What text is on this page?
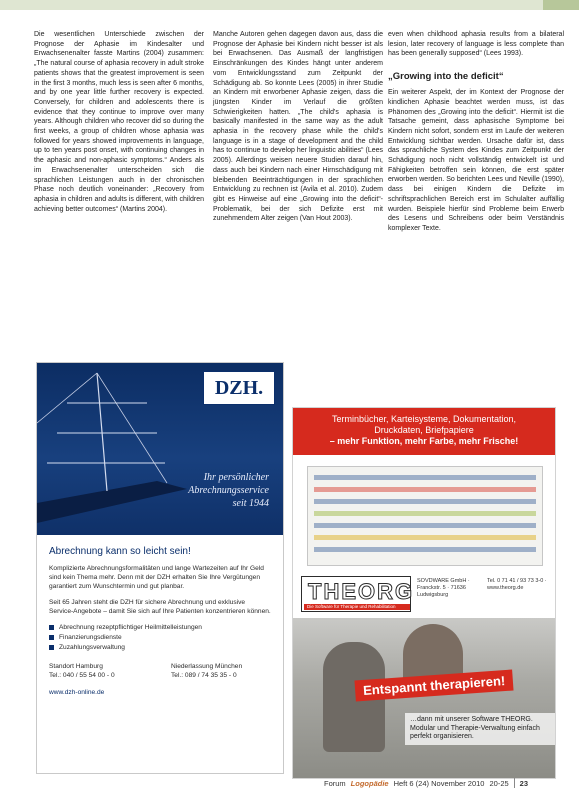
Die wesentlichen Unterschiede zwischen der Prognose der Aphasie im Kindesalter und Erwachsenenalter fasste Martins (2004) zusammen: „The natural course of aphasia recovery in adult stroke patients shows that the greatest improvement is seen in the first 3 months, much less is seen after 6 months, and by one year little further recovery is expected. Conversely, for children and adolescents there is evidence that they continue to improve over many years. Although children who recover did so during the first weeks, a group of children whose aphasia was followed for years showed improvements in language, up to ten years post onset, with continuing changes in the aphasic and non-aphasic symptoms.“ Anders als im Erwachsenenalter unterscheiden sich die sprachlichen Leistungen auch in der chronischen Phase noch deutlich voneinander: „Recovery from aphasia in children and adults is different, with children achieving better outcomes“ (Martins 2004).

Manche Autoren gehen dagegen davon aus, dass die Prognose der Aphasie bei Kindern nicht besser ist als bei Erwachsenen. Das Ausmaß der langfristigen Einschränkungen des Kindes hängt unter anderem vom Entwicklungsstand zum Zeitpunkt der Schädigung ab. So konnte Lees (2005) in ihrer Studie an Kindern mit erworbener Aphasie zeigen, dass die jüngsten Kinder im Verlauf die größten Schwierigkeiten hatten. „The child's aphasia is basically manifested in the same way as the adult aphasia in the recovery phase while the child's language is in a stage of development and the child has to continue to develop her linguistic abilities“ (Lees 2005). Allerdings weisen neuere Studien darauf hin, dass auch bei Kindern nach einer Hirnschädigung mit bleibenden Beeinträchtigungen in der sprachlichen Entwicklung zu rechnen ist (Avila et al. 2010). Zudem gibt es Hinweise auf eine „Growing into the deficit“-Problematik, bei der sich Defizite erst mit zunehmendem Alter zeigen (Van Hout 2003).

even when childhood aphasia results from a bilateral lesion, later recovery of language is less complete than has been generally supposed“ (Lees 1993).

„Growing into the deficit“

Ein weiterer Aspekt, der im Kontext der Prognose der kindlichen Aphasie beachtet werden muss, ist das Phänomen des „Growing into the deficit“. Hiermit ist die Tatsache gemeint, dass aphasische Symptome bei Kindern nicht sofort, sondern erst im Laufe der weiteren Entwicklung sichtbar werden. Ursache dafür ist, dass das sprachliche System des Kindes zum Zeitpunkt der Schädigung noch nicht vollständig entwickelt ist und Fähigkeiten betroffen sein können, die erst später erworben werden. So berichten Lees und Neville (1990), dass bei einigen Kindern die Defizite im schriftsprachlichen Bereich erst im Schulalter auffällig wurden. Beispiele hierfür sind Probleme beim Erwerb des Lesens und Schreibens oder beim Verständnis komplexer Texte.

DZH.
Ihr persönlicher Abrechnungsservice
seit 1944
Abrechnung kann so leicht sein!

Komplizierte Abrechnungsformalitäten und lange Wartezeiten auf Ihr Geld sind kein Thema mehr. Denn mit der DZH erhalten Sie Ihre Vergütungen garantiert zum Wunschtermin und gut planbar.

Seit 65 Jahren steht die DZH für sichere Abrechnung und exklusive Service-Angebote – damit Sie sich auf Ihre Patienten konzentrieren können.

Abrechnung rezeptpflichtiger Heilmittelleistungen
Finanzierungsdienste
Zuzahlungsverwaltung
Standort Hamburg
Tel.: 040 / 55 54 00 - 0
Niederlassung München
Tel.: 089 / 74 35 35 - 0
www.dzh-online.de
Terminbücher, Karteisysteme, Dokumentation,
Druckdaten, Briefpapiere
– mehr Funktion, mehr Farbe, mehr Frische!
THEORG
Die Software für Therapie und Rehabilitation
SOVDWARE GmbH · Franckstr. 5 · 71636 Ludwigsburg
Tel. 0 71 41 / 93 73 3-0 · www.theorg.de
Entspannt therapieren!
…dann mit unserer Software THEORG. Modular und Therapie-Verwaltung einfach perfekt organisieren.
Forum Logopädie Heft 6 (24) November 2010 20-25 23
